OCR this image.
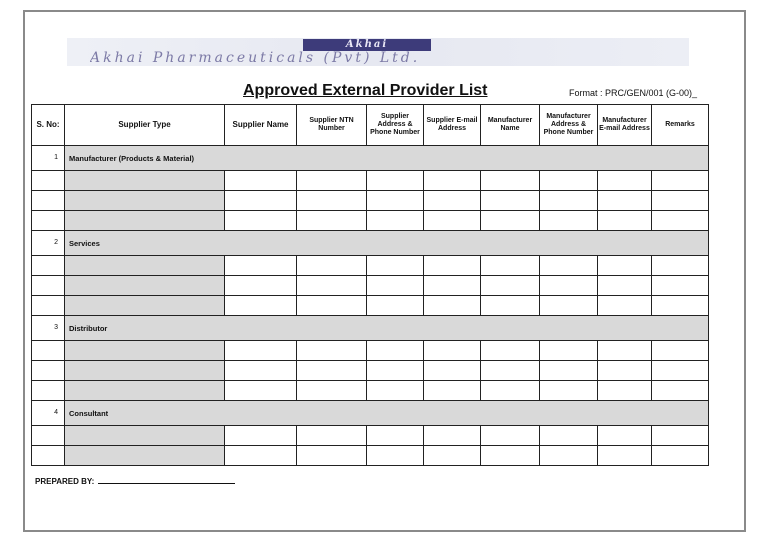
Akhai
Akhai Pharmaceuticals (Pvt) Ltd.
Approved External Provider List	Format : PRC/GEN/001 (G-00)_
S. No:	Supplier Type	Supplier Name	Supplier NTN Number	Supplier Address & Phone Number	Supplier E-mail Address	Manufacturer Name	Manufacturer Address & Phone Number	Manufacturer E-mail Address	Remarks
1	Manufacturer (Products & Material)								

2	Services								

3	Distributor								

4	Consultant								

PREPARED BY:
